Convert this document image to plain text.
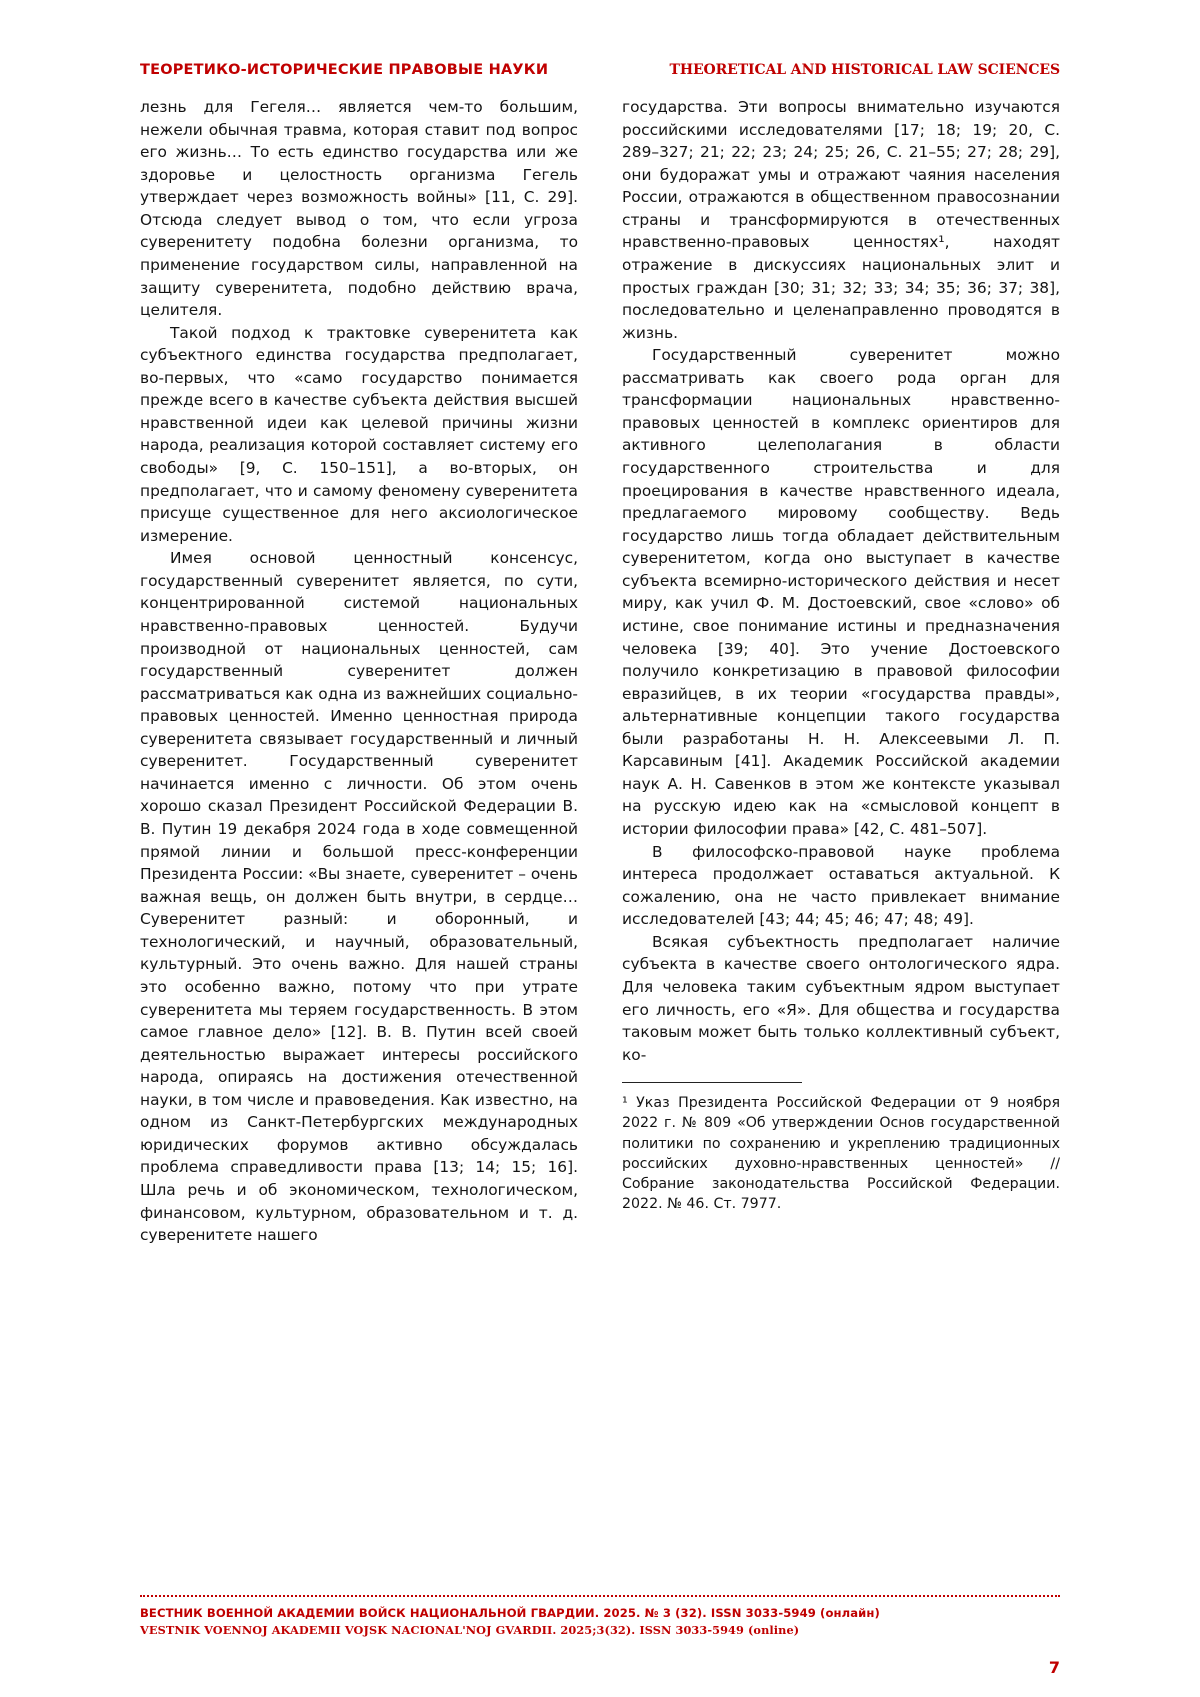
ТЕОРЕТИКО-ИСТОРИЧЕСКИЕ ПРАВОВЫЕ НАУКИ	THEORETICAL AND HISTORICAL LAW SCIENCES

лезнь для Гегеля… является чем-то большим, нежели обычная травма, которая ставит под вопрос его жизнь… То есть единство государства или же здоровье и целостность организма Гегель утверждает через возможность войны» [11, С. 29]. Отсюда следует вывод о том, что если угроза суверенитету подобна болезни организма, то применение государством силы, направленной на защиту суверенитета, подобно действию врача, целителя.

Такой подход к трактовке суверенитета как субъектного единства государства предполагает, во-первых, что «само государство понимается прежде всего в качестве субъекта действия высшей нравственной идеи как целевой причины жизни народа, реализация которой составляет систему его свободы» [9, С. 150–151], а во-вторых, он предполагает, что и самому феномену суверенитета присуще существенное для него аксиологическое измерение.

Имея основой ценностный консенсус, государственный суверенитет является, по сути, концентрированной системой национальных нравственно-правовых ценностей. Будучи производной от национальных ценностей, сам государственный суверенитет должен рассматриваться как одна из важнейших социально-правовых ценностей. Именно ценностная природа суверенитета связывает государственный и личный суверенитет. Государственный суверенитет начинается именно с личности. Об этом очень хорошо сказал Президент Российской Федерации В. В. Путин 19 декабря 2024 года в ходе совмещенной прямой линии и большой пресс-конференции Президента России: «Вы знаете, суверенитет – очень важная вещь, он должен быть внутри, в сердце… Суверенитет разный: и оборонный, и технологический, и научный, образовательный, культурный. Это очень важно. Для нашей страны это особенно важно, потому что при утрате суверенитета мы теряем государственность. В этом самое главное дело» [12]. В. В. Путин всей своей деятельностью выражает интересы российского народа, опираясь на достижения отечественной науки, в том числе и правоведения. Как известно, на одном из Санкт-Петербургских международных юридических форумов активно обсуждалась проблема справедливости права [13; 14; 15; 16]. Шла речь и об экономическом, технологическом, финансовом, культурном, образовательном и т. д. суверенитете нашего

государства. Эти вопросы внимательно изучаются российскими исследователями [17; 18; 19; 20, С. 289–327; 21; 22; 23; 24; 25; 26, С. 21–55; 27; 28; 29], они будоражат умы и отражают чаяния населения России, отражаются в общественном правосознании страны и трансформируются в отечественных нравственно-правовых ценностях¹, находят отражение в дискуссиях национальных элит и простых граждан [30; 31; 32; 33; 34; 35; 36; 37; 38], последовательно и целенаправленно проводятся в жизнь.

Государственный суверенитет можно рассматривать как своего рода орган для трансформации национальных нравственно-правовых ценностей в комплекс ориентиров для активного целеполагания в области государственного строительства и для проецирования в качестве нравственного идеала, предлагаемого мировому сообществу. Ведь государство лишь тогда обладает действительным суверенитетом, когда оно выступает в качестве субъекта всемирно-исторического действия и несет миру, как учил Ф. М. Достоевский, свое «слово» об истине, свое понимание истины и предназначения человека [39; 40]. Это учение Достоевского получило конкретизацию в правовой философии евразийцев, в их теории «государства правды», альтернативные концепции такого государства были разработаны Н. Н. Алексеевыми Л. П. Карсавиным [41]. Академик Российской академии наук А. Н. Савенков в этом же контексте указывал на русскую идею как на «смысловой концепт в истории философии права» [42, С. 481–507].

В философско-правовой науке проблема интереса продолжает оставаться актуальной. К сожалению, она не часто привлекает внимание исследователей [43; 44; 45; 46; 47; 48; 49].

Всякая субъектность предполагает наличие субъекта в качестве своего онтологического ядра. Для человека таким субъектным ядром выступает его личность, его «Я». Для общества и государства таковым может быть только коллективный субъект, ко-

¹ Указ Президента Российской Федерации от 9 ноября 2022 г. № 809 «Об утверждении Основ государственной политики по сохранению и укреплению традиционных российских духовно-нравственных ценностей» // Собрание законодательства Российской Федерации. 2022. № 46. Ст. 7977.

ВЕСТНИК ВОЕННОЙ АКАДЕМИИ ВОЙСК НАЦИОНАЛЬНОЙ ГВАРДИИ. 2025. № 3 (32). ISSN 3033-5949 (онлайн)
VESTNIK VOENNOJ AKADEMII VOJSK NACIONAL'NOJ GVARDII. 2025;3(32). ISSN 3033-5949 (online)
7
